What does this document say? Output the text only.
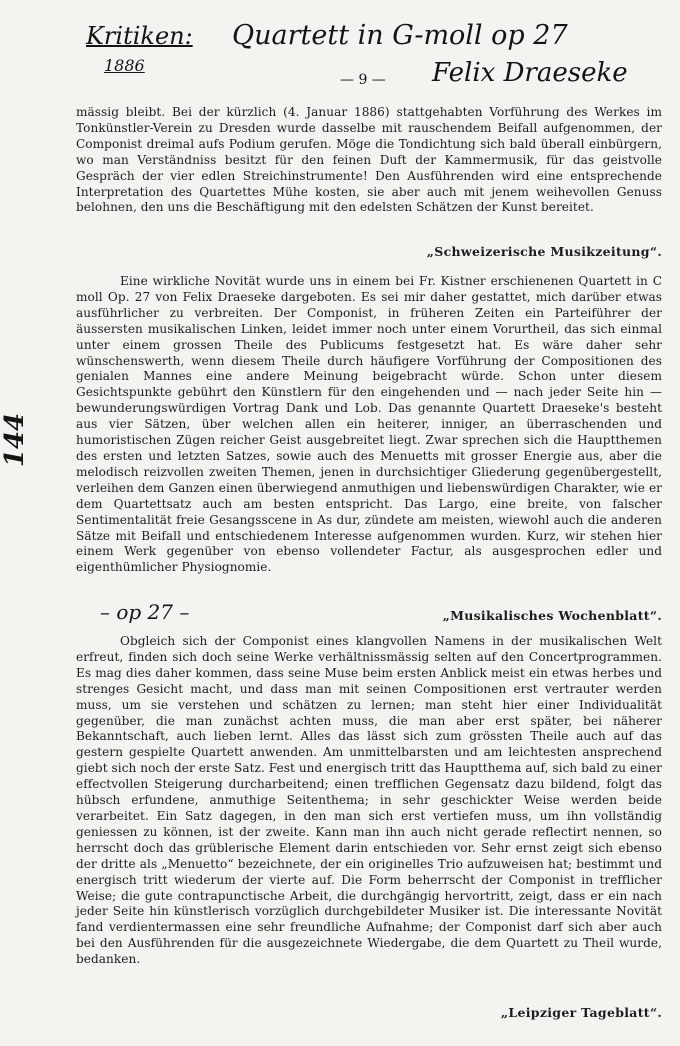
Kritiken: Quartett in G-moll op 27
1886
— 9 — Felix Draeseke
144
– op 27 –

mässig bleibt. Bei der kürzlich (4. Januar 1886) stattgehabten Vorführung des Werkes im Tonkünstler-Verein zu Dresden wurde dasselbe mit rauschendem Beifall aufgenommen, der Componist dreimal aufs Podium gerufen. Möge die Tondichtung sich bald überall einbürgern, wo man Verständniss besitzt für den feinen Duft der Kammermusik, für das geistvolle Gespräch der vier edlen Streichinstrumente! Den Ausführenden wird eine entsprechende Interpretation des Quartettes Mühe kosten, sie aber auch mit jenem weihevollen Genuss belohnen, den uns die Beschäftigung mit den edelsten Schätzen der Kunst bereitet.

„Schweizerische Musikzeitung“.

Eine wirkliche Novität wurde uns in einem bei Fr. Kistner erschienenen Quartett in C moll Op. 27 von Felix Draeseke dargeboten. Es sei mir daher gestattet, mich darüber etwas ausführlicher zu verbreiten. Der Componist, in früheren Zeiten ein Parteiführer der äussersten musikalischen Linken, leidet immer noch unter einem Vorurtheil, das sich einmal unter einem grossen Theile des Publicums festgesetzt hat. Es wäre daher sehr wünschenswerth, wenn diesem Theile durch häufigere Vorführung der Compositionen des genialen Mannes eine andere Meinung beigebracht würde. Schon unter diesem Gesichtspunkte gebührt den Künstlern für den eingehenden und — nach jeder Seite hin — bewunderungswürdigen Vortrag Dank und Lob. Das genannte Quartett Draeseke's besteht aus vier Sätzen, über welchen allen ein heiterer, inniger, an überraschenden und humoristischen Zügen reicher Geist ausgebreitet liegt. Zwar sprechen sich die Hauptthemen des ersten und letzten Satzes, sowie auch des Menuetts mit grosser Energie aus, aber die melodisch reizvollen zweiten Themen, jenen in durchsichtiger Gliederung gegenübergestellt, verleihen dem Ganzen einen überwiegend anmuthigen und liebenswürdigen Charakter, wie er dem Quartettsatz auch am besten entspricht. Das Largo, eine breite, von falscher Sentimentalität freie Gesangsscene in As dur, zündete am meisten, wiewohl auch die anderen Sätze mit Beifall und entschiedenem Interesse aufgenommen wurden. Kurz, wir stehen hier einem Werk gegenüber von ebenso vollendeter Factur, als ausgesprochen edler und eigenthümlicher Physiognomie.

„Musikalisches Wochenblatt“.

Obgleich sich der Componist eines klangvollen Namens in der musikalischen Welt erfreut, finden sich doch seine Werke verhältnissmässig selten auf den Concertprogrammen. Es mag dies daher kommen, dass seine Muse beim ersten Anblick meist ein etwas herbes und strenges Gesicht macht, und dass man mit seinen Compositionen erst vertrauter werden muss, um sie verstehen und schätzen zu lernen; man steht hier einer Individualität gegenüber, die man zunächst achten muss, die man aber erst später, bei näherer Bekanntschaft, auch lieben lernt. Alles das lässt sich zum grössten Theile auch auf das gestern gespielte Quartett anwenden. Am unmittelbarsten und am leichtesten ansprechend giebt sich noch der erste Satz. Fest und energisch tritt das Hauptthema auf, sich bald zu einer effectvollen Steigerung durcharbeitend; einen trefflichen Gegensatz dazu bildend, folgt das hübsch erfundene, anmuthige Seitenthema; in sehr geschickter Weise werden beide verarbeitet. Ein Satz dagegen, in den man sich erst vertiefen muss, um ihn vollständig geniessen zu können, ist der zweite. Kann man ihn auch nicht gerade reflectirt nennen, so herrscht doch das grüblerische Element darin entschieden vor. Sehr ernst zeigt sich ebenso der dritte als „Menuetto“ bezeichnete, der ein originelles Trio aufzuweisen hat; bestimmt und energisch tritt wiederum der vierte auf. Die Form beherrscht der Componist in trefflicher Weise; die gute contrapunctische Arbeit, die durchgängig hervortritt, zeigt, dass er ein nach jeder Seite hin künstlerisch vorzüglich durchgebildeter Musiker ist. Die interessante Novität fand verdientermassen eine sehr freundliche Aufnahme; der Componist darf sich aber auch bei den Ausführenden für die ausgezeichnete Wiedergabe, die dem Quartett zu Theil wurde, bedanken.

„Leipziger Tageblatt“.
